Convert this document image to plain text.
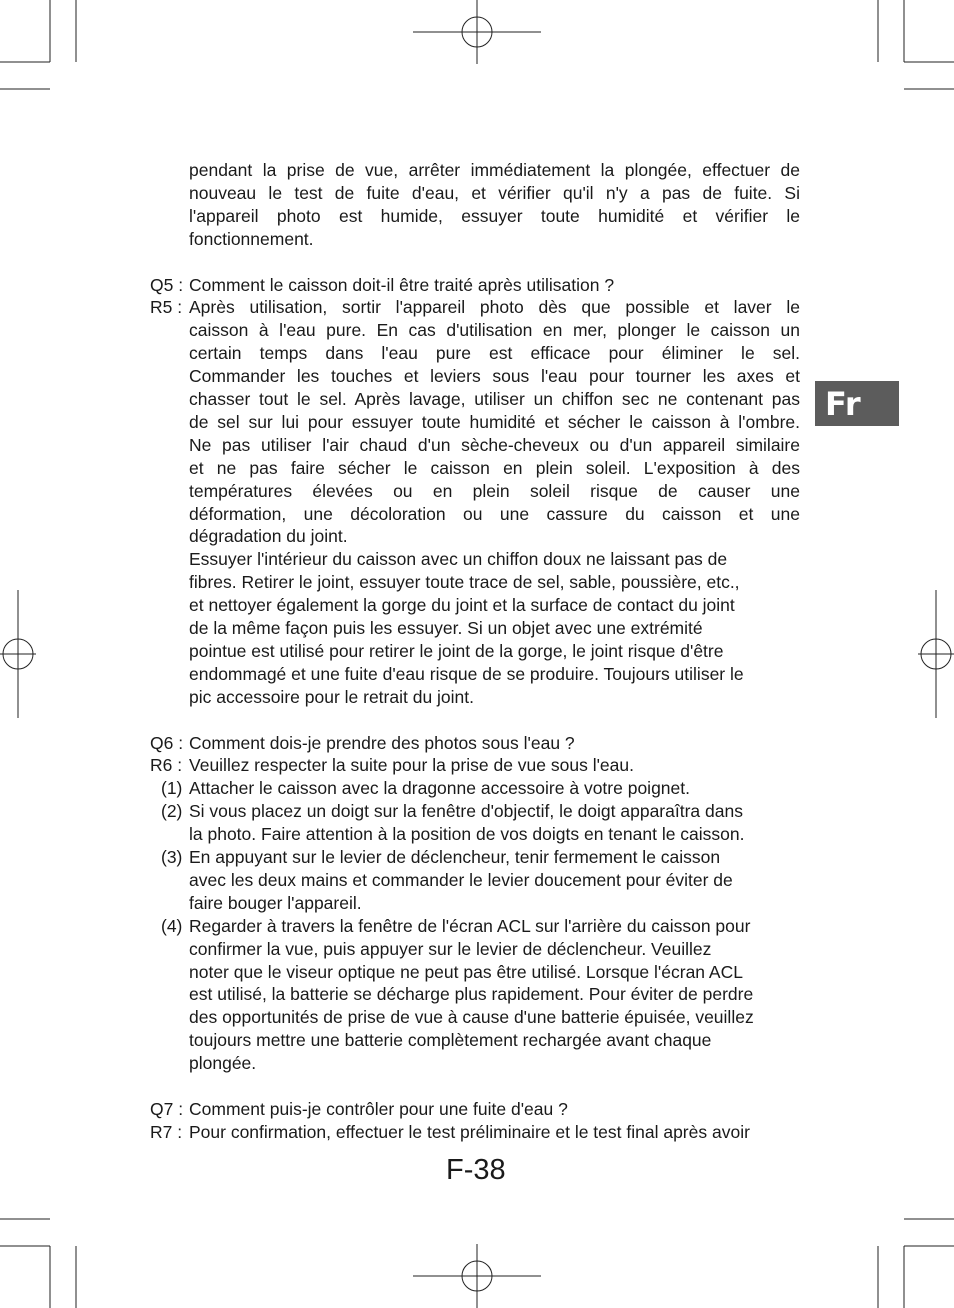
Fr
pendant la prise de vue, arrêter immédiatement la plongée, effectuer de
nouveau le test de fuite d'eau, et vérifier qu'il n'y a pas de fuite. Si
l'appareil photo est humide, essuyer toute humidité et vérifier le
fonctionnement.
Q5 : Comment le caisson doit-il être traité après utilisation ?
R5 : Après utilisation, sortir l'appareil photo dès que possible et laver le
caisson à l'eau pure. En cas d'utilisation en mer, plonger le caisson un
certain temps dans l'eau pure est efficace pour éliminer le sel.
Commander les touches et leviers sous l'eau pour tourner les axes et
chasser tout le sel. Après lavage, utiliser un chiffon sec ne contenant pas
de sel sur lui pour essuyer toute humidité et sécher le caisson à l'ombre.
Ne pas utiliser l'air chaud d'un sèche-cheveux ou d'un appareil similaire
et ne pas faire sécher le caisson en plein soleil. L'exposition à des
températures élevées ou en plein soleil risque de causer une
déformation, une décoloration ou une cassure du caisson et une
dégradation du joint.
Essuyer l'intérieur du caisson avec un chiffon doux ne laissant pas de
fibres. Retirer le joint, essuyer toute trace de sel, sable, poussière, etc.,
et nettoyer également la gorge du joint et la surface de contact du joint
de la même façon puis les essuyer. Si un objet avec une extrémité
pointue est utilisé pour retirer le joint de la gorge, le joint risque d'être
endommagé et une fuite d'eau risque de se produire. Toujours utiliser le
pic accessoire pour le retrait du joint.
Q6 : Comment dois-je prendre des photos sous l'eau ?
R6 : Veuillez respecter la suite pour la prise de vue sous l'eau.
(1) Attacher le caisson avec la dragonne accessoire à votre poignet.
(2) Si vous placez un doigt sur la fenêtre d'objectif, le doigt apparaîtra dans
la photo. Faire attention à la position de vos doigts en tenant le caisson.
(3) En appuyant sur le levier de déclencheur, tenir fermement le caisson
avec les deux mains et commander le levier doucement pour éviter de
faire bouger l'appareil.
(4) Regarder à travers la fenêtre de l'écran ACL sur l'arrière du caisson pour
confirmer la vue, puis appuyer sur le levier de déclencheur. Veuillez
noter que le viseur optique ne peut pas être utilisé. Lorsque l'écran ACL
est utilisé, la batterie se décharge plus rapidement. Pour éviter de perdre
des opportunités de prise de vue à cause d'une batterie épuisée, veuillez
toujours mettre une batterie complètement rechargée avant chaque
plongée.
Q7 : Comment puis-je contrôler pour une fuite d'eau ?
R7 : Pour confirmation, effectuer le test préliminaire et le test final après avoir
F-38
